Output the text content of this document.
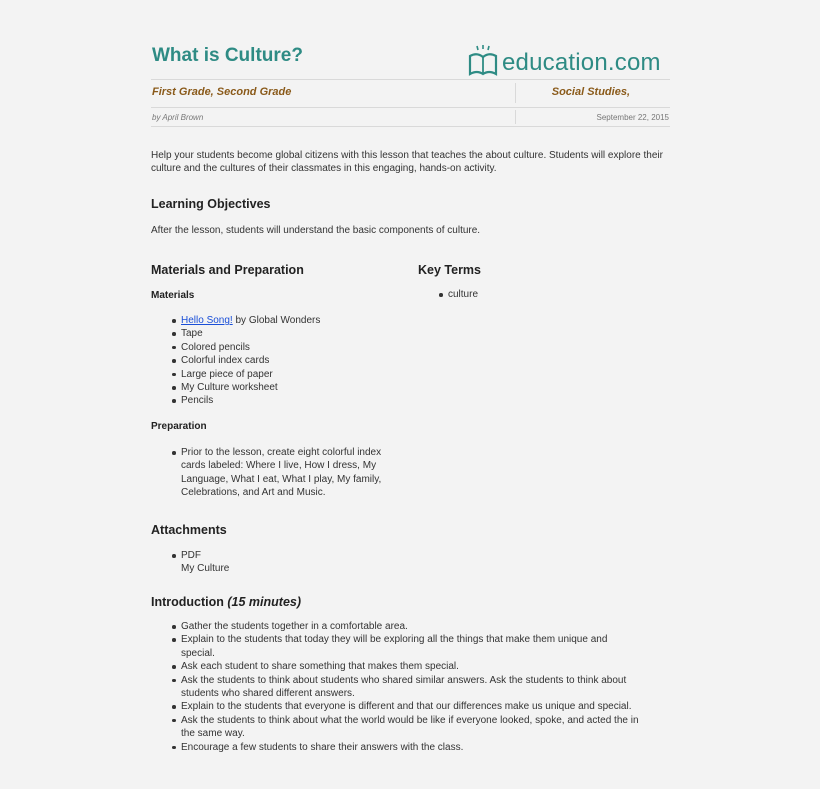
What is Culture?	education.com
First Grade, Second Grade	Social Studies,
by April Brown	September 22, 2015
Help your students become global citizens with this lesson that teaches the about culture. Students will explore their culture and the cultures of their classmates in this engaging, hands-on activity.
Learning Objectives
After the lesson, students will understand the basic components of culture.
Materials and Preparation
Materials
Hello Song! by Global Wonders
Tape
Colored pencils
Colorful index cards
Large piece of paper
My Culture worksheet
Pencils
Preparation
Prior to the lesson, create eight colorful index
cards labeled: Where I live, How I dress, My
Language, What I eat, What I play, My family,
Celebrations, and Art and Music.
Key Terms
culture
Attachments
PDF
My Culture
Introduction (15 minutes)
Gather the students together in a comfortable area.
Explain to the students that today they will be exploring all the things that make them unique and
special.
Ask each student to share something that makes them special.
Ask the students to think about students who shared similar answers. Ask the students to think about
students who shared different answers.
Explain to the students that everyone is different and that our differences make us unique and special.
Ask the students to think about what the world would be like if everyone looked, spoke, and acted the in
the same way.
Encourage a few students to share their answers with the class.
